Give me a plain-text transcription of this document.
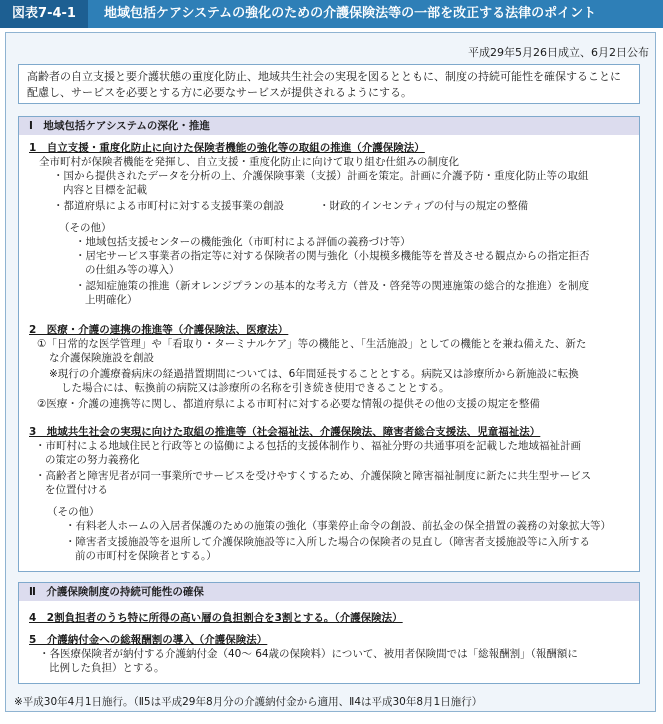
図表7-4-1	地域包括ケアシステムの強化のための介護保険法等の一部を改正する法律のポイント
平成29年5月26日成立、6月2日公布
高齢者の自立支援と要介護状態の重度化防止、地域共生社会の実現を図るとともに、制度の持続可能性を確保することに配慮し、サービスを必要とする方に必要なサービスが提供されるようにする。
Ⅰ　地域包括ケアシステムの深化・推進
1　自立支援・重度化防止に向けた保険者機能の強化等の取組の推進（介護保険法）
全市町村が保険者機能を発揮し、自立支援・重度化防止に向けて取り組む仕組みの制度化
・国から提供されたデータを分析の上、介護保険事業（支援）計画を策定。計画に介護予防・重度化防止等の取組
内容と目標を記載
・都道府県による市町村に対する支援事業の創設	・財政的インセンティブの付与の規定の整備
（その他）
・地域包括支援センターの機能強化（市町村による評価の義務づけ等）
・居宅サービス事業者の指定等に対する保険者の関与強化（小規模多機能等を普及させる観点からの指定拒否
の仕組み等の導入）
・認知症施策の推進（新オレンジプランの基本的な考え方（普及・啓発等の関連施策の総合的な推進）を制度
上明確化）
2　医療・介護の連携の推進等（介護保険法、医療法）
①「日常的な医学管理」や「看取り・ターミナルケア」等の機能と、「生活施設」としての機能とを兼ね備えた、新た
な介護保険施設を創設
※現行の介護療養病床の経過措置期間については、6年間延長することとする。病院又は診療所から新施設に転換
した場合には、転換前の病院又は診療所の名称を引き続き使用できることとする。
②医療・介護の連携等に関し、都道府県による市町村に対する必要な情報の提供その他の支援の規定を整備
3　地域共生社会の実現に向けた取組の推進等（社会福祉法、介護保険法、障害者総合支援法、児童福祉法）
・市町村による地域住民と行政等との協働による包括的支援体制作り、福祉分野の共通事項を記載した地域福祉計画
の策定の努力義務化
・高齢者と障害児者が同一事業所でサービスを受けやすくするため、介護保険と障害福祉制度に新たに共生型サービス
を位置付ける
（その他）
・有料老人ホームの入居者保護のための施策の強化（事業停止命令の創設、前払金の保全措置の義務の対象拡大等）
・障害者支援施設等を退所して介護保険施設等に入所した場合の保険者の見直し（障害者支援施設等に入所する
前の市町村を保険者とする。）
Ⅱ　介護保険制度の持続可能性の確保
4　2割負担者のうち特に所得の高い層の負担割合を3割とする。（介護保険法）
5　介護納付金への総報酬割の導入（介護保険法）
・各医療保険者が納付する介護納付金（40～ 64歳の保険料）について、被用者保険間では「総報酬割」（報酬額に
比例した負担）とする。
※平成30年4月1日施行。（Ⅱ5は平成29年8月分の介護納付金から適用、Ⅱ4は平成30年8月1日施行）
